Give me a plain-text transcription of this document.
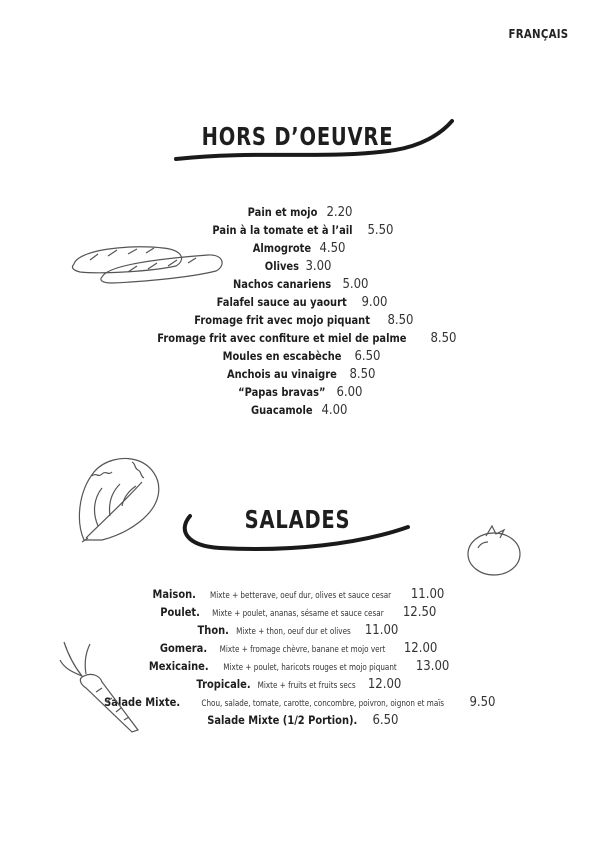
FRANÇAIS
HORS D’OEUVRE
Pain et mojo 2.20
Pain à la tomate et à l’ail 5.50
Almogrote 4.50
Olives 3.00
Nachos canariens 5.00
Falafel sauce au yaourt 9.00
Fromage frit avec mojo piquant 8.50
Fromage frit avec confiture et miel de palme 8.50
Moules en escabèche 6.50
Anchois au vinaigre 8.50
“Papas bravas” 6.00
Guacamole 4.00
SALADES
Maison. Mixte + betterave, oeuf dur, olives et sauce cesar 11.00
Poulet. Mixte + poulet, ananas, sésame et sauce cesar 12.50
Thon. Mixte + thon, oeuf dur et olives 11.00
Gomera. Mixte + fromage chèvre, banane et mojo vert 12.00
Mexicaine. Mixte + poulet, haricots rouges et mojo piquant 13.00
Tropicale. Mixte + fruits et fruits secs 12.00
Salade Mixte.	Chou, salade, tomate, carotte, concombre, poivron, oignon et maïs 9.50
Salade Mixte (1/2 Portion). 6.50
